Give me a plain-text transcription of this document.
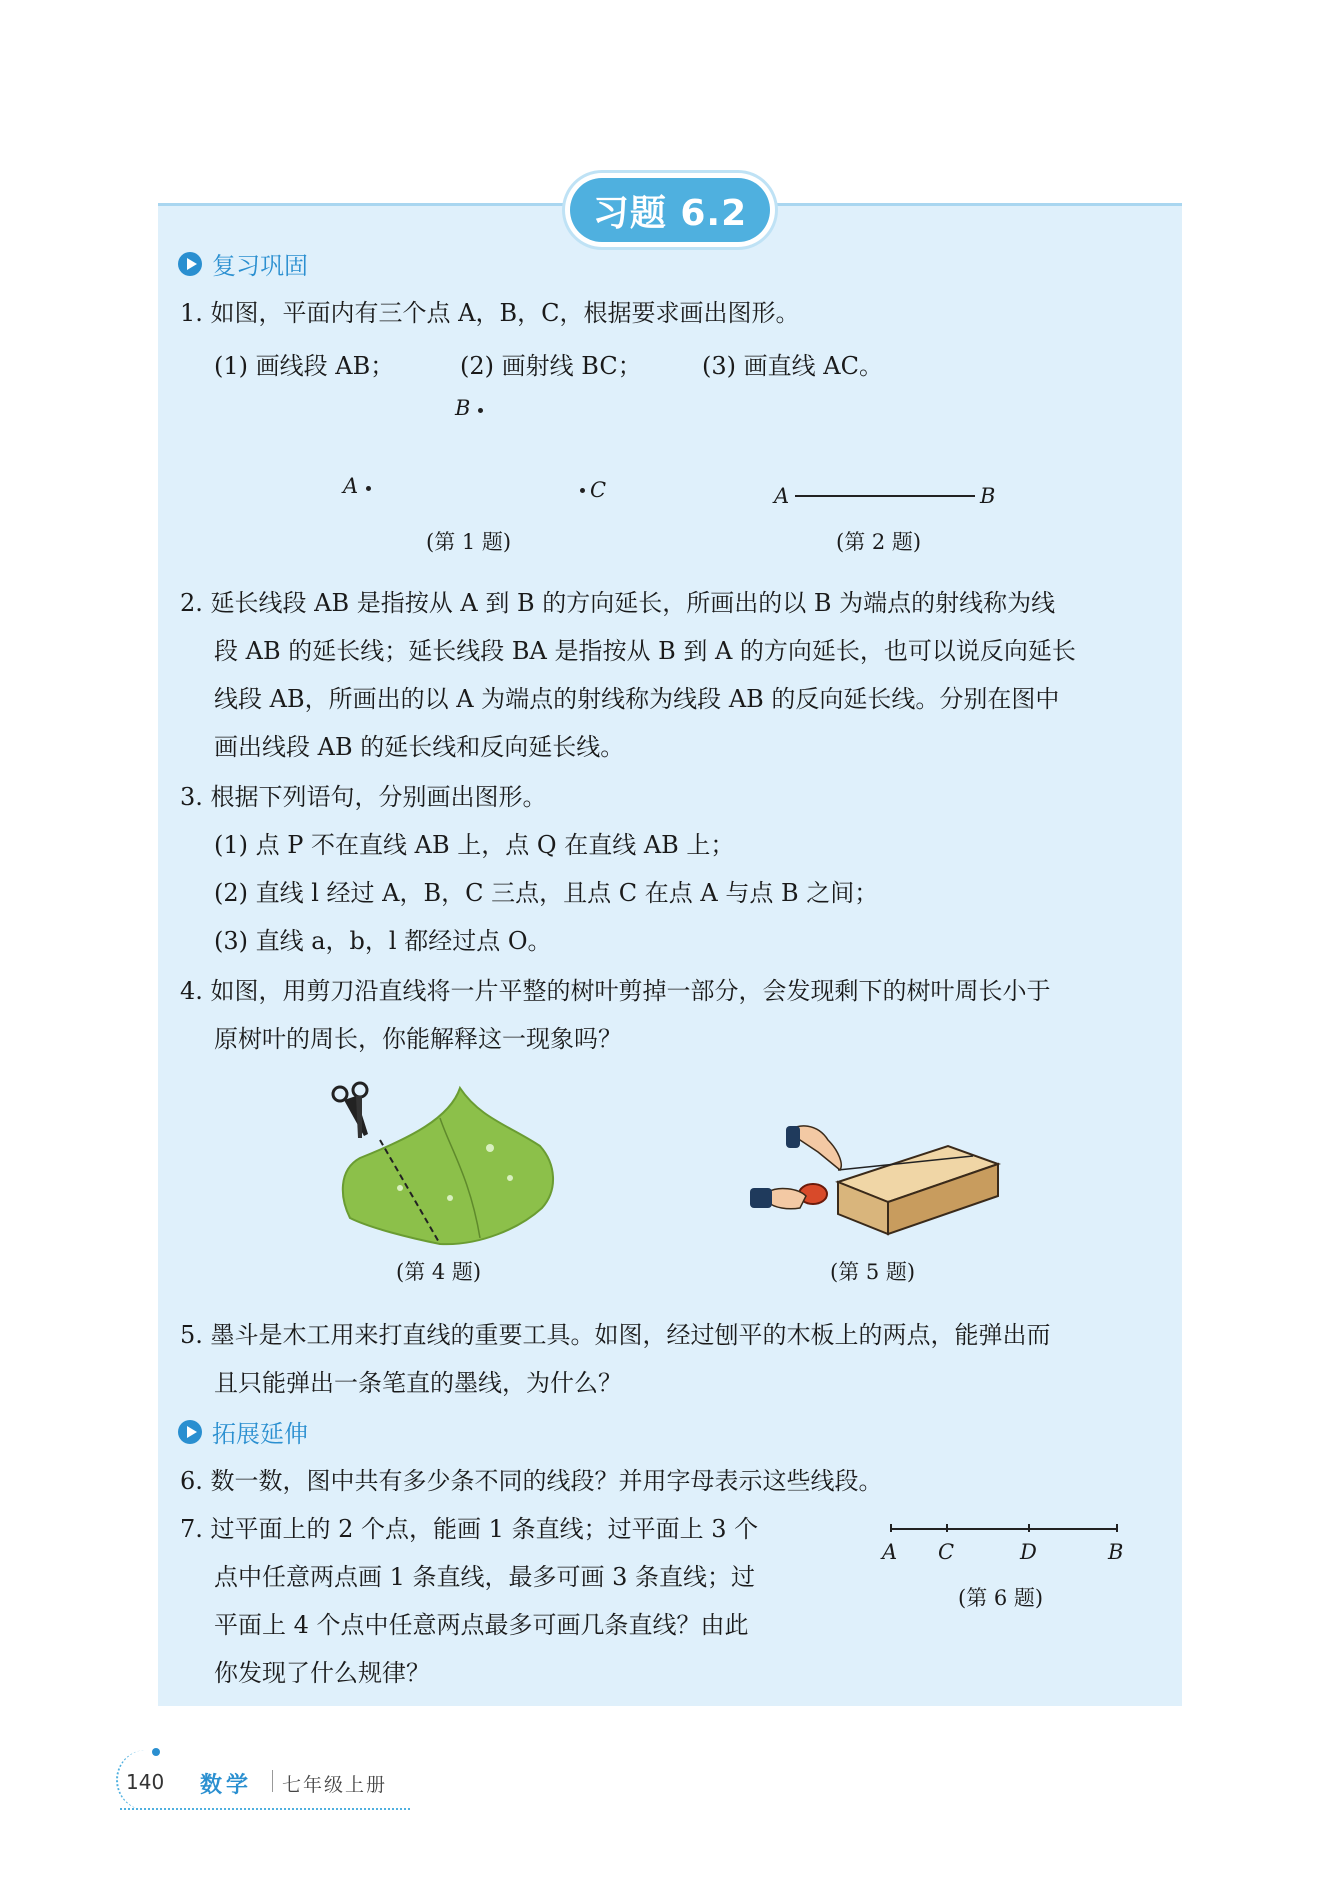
习题 6.2
复习巩固
1. 如图，平面内有三个点 A，B，C，根据要求画出图形。
(1) 画线段 AB；	(2) 画射线 BC；	(3) 画直线 AC。
B
A	C
(第 1 题)
A	B
(第 2 题)
2. 延长线段 AB 是指按从 A 到 B 的方向延长，所画出的以 B 为端点的射线称为线
段 AB 的延长线；延长线段 BA 是指按从 B 到 A 的方向延长，也可以说反向延长
线段 AB，所画出的以 A 为端点的射线称为线段 AB 的反向延长线。分别在图中
画出线段 AB 的延长线和反向延长线。
3. 根据下列语句，分别画出图形。
(1) 点 P 不在直线 AB 上，点 Q 在直线 AB 上；
(2) 直线 l 经过 A，B，C 三点，且点 C 在点 A 与点 B 之间；
(3) 直线 a，b，l 都经过点 O。
4. 如图，用剪刀沿直线将一片平整的树叶剪掉一部分，会发现剩下的树叶周长小于
原树叶的周长，你能解释这一现象吗？
(第 4 题)	(第 5 题)
5. 墨斗是木工用来打直线的重要工具。如图，经过刨平的木板上的两点，能弹出而
且只能弹出一条笔直的墨线，为什么？
拓展延伸
6. 数一数，图中共有多少条不同的线段？并用字母表示这些线段。
7. 过平面上的 2 个点，能画 1 条直线；过平面上 3 个
点中任意两点画 1 条直线，最多可画 3 条直线；过
平面上 4 个点中任意两点最多可画几条直线？由此
你发现了什么规律？
A C	D	B
(第 6 题)
140 数学 七年级上册
